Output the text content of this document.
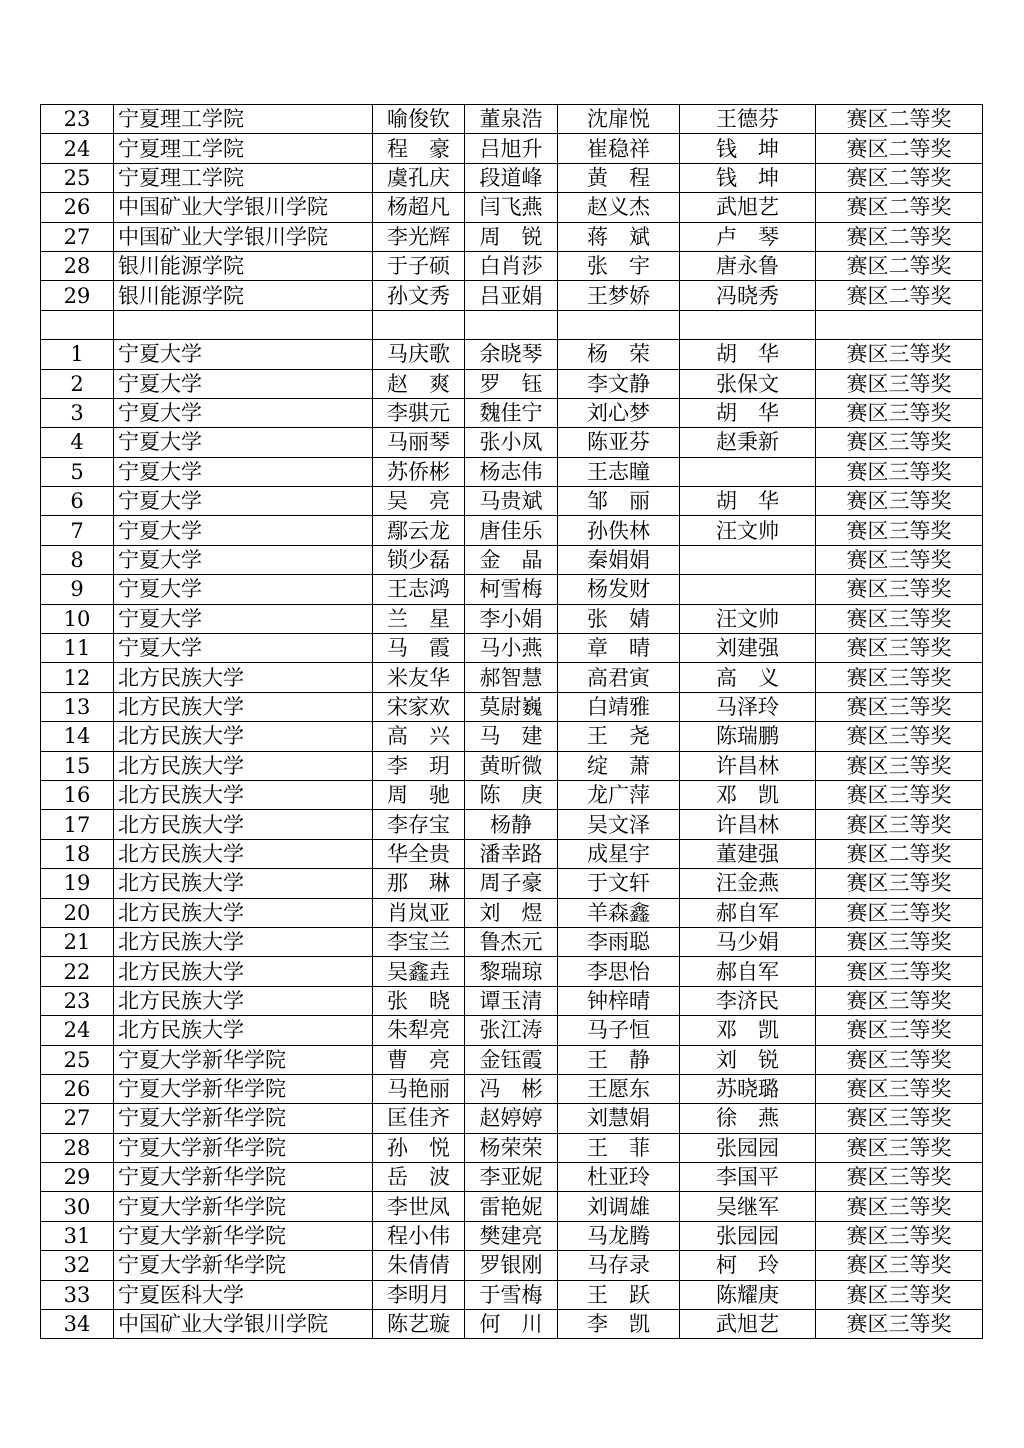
23	宁夏理工学院	喻俊钦	董泉浩	沈扉悦	王德芬	赛区二等奖
24	宁夏理工学院	程　豪	吕旭升	崔稳祥	钱　坤	赛区二等奖
25	宁夏理工学院	虞孔庆	段道峰	黄　程	钱　坤	赛区二等奖
26	中国矿业大学银川学院	杨超凡	闫飞燕	赵义杰	武旭艺	赛区二等奖
27	中国矿业大学银川学院	李光辉	周　锐	蒋　斌	卢　琴	赛区二等奖
28	银川能源学院	于子硕	白肖莎	张　宇	唐永鲁	赛区二等奖
29	银川能源学院	孙文秀	吕亚娟	王梦娇	冯晓秀	赛区二等奖

1	宁夏大学	马庆歌	余晓琴	杨　荣	胡　华	赛区三等奖
2	宁夏大学	赵　爽	罗　钰	李文静	张保文	赛区三等奖
3	宁夏大学	李骐元	魏佳宁	刘心梦	胡　华	赛区三等奖
4	宁夏大学	马丽琴	张小凤	陈亚芬	赵秉新	赛区三等奖
5	宁夏大学	苏侨彬	杨志伟	王志瞳		赛区三等奖
6	宁夏大学	吴　亮	马贵斌	邹　丽	胡　华	赛区三等奖
7	宁夏大学	鄢云龙	唐佳乐	孙佚林	汪文帅	赛区三等奖
8	宁夏大学	锁少磊	金　晶	秦娟娟		赛区三等奖
9	宁夏大学	王志鸿	柯雪梅	杨发财		赛区三等奖
10	宁夏大学	兰　星	李小娟	张　婧	汪文帅	赛区三等奖
11	宁夏大学	马　霞	马小燕	章　晴	刘建强	赛区三等奖
12	北方民族大学	米友华	郝智慧	高君寅	高　义	赛区三等奖
13	北方民族大学	宋家欢	莫尉巍	白靖雅	马泽玲	赛区三等奖
14	北方民族大学	高　兴	马　建	王　尧	陈瑞鹏	赛区三等奖
15	北方民族大学	李　玥	黄昕微	绽　萧	许昌林	赛区三等奖
16	北方民族大学	周　驰	陈　庚	龙广萍	邓　凯	赛区三等奖
17	北方民族大学	李存宝	杨静	吴文泽	许昌林	赛区三等奖
18	北方民族大学	华全贵	潘幸路	成星宇	董建强	赛区二等奖
19	北方民族大学	那　琳	周子豪	于文轩	汪金燕	赛区三等奖
20	北方民族大学	肖岚亚	刘　煜	羊森鑫	郝自军	赛区三等奖
21	北方民族大学	李宝兰	鲁杰元	李雨聪	马少娟	赛区三等奖
22	北方民族大学	吴鑫垚	黎瑞琼	李思怡	郝自军	赛区三等奖
23	北方民族大学	张　晓	谭玉清	钟梓晴	李济民	赛区三等奖
24	北方民族大学	朱犁亮	张江涛	马子恒	邓　凯	赛区三等奖
25	宁夏大学新华学院	曹　亮	金钰霞	王　静	刘　锐	赛区三等奖
26	宁夏大学新华学院	马艳丽	冯　彬	王愿东	苏晓璐	赛区三等奖
27	宁夏大学新华学院	匡佳齐	赵婷婷	刘慧娟	徐　燕	赛区三等奖
28	宁夏大学新华学院	孙　悦	杨荣荣	王　菲	张园园	赛区三等奖
29	宁夏大学新华学院	岳　波	李亚妮	杜亚玲	李国平	赛区三等奖
30	宁夏大学新华学院	李世凤	雷艳妮	刘调雄	吴继军	赛区三等奖
31	宁夏大学新华学院	程小伟	樊建亮	马龙腾	张园园	赛区三等奖
32	宁夏大学新华学院	朱倩倩	罗银刚	马存录	柯　玲	赛区三等奖
33	宁夏医科大学	李明月	于雪梅	王　跃	陈耀庚	赛区三等奖
34	中国矿业大学银川学院	陈艺璇	何　川	李　凯	武旭艺	赛区三等奖
